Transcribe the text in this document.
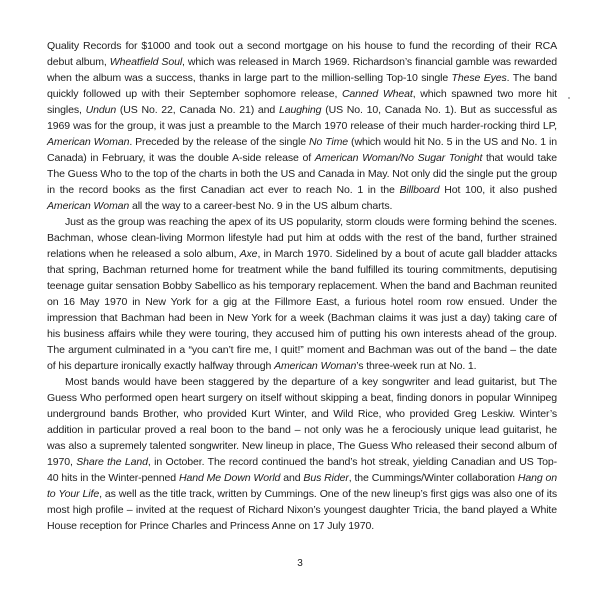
Quality Records for $1000 and took out a second mortgage on his house to fund the recording of their RCA debut album, Wheatfield Soul, which was released in March 1969. Richardson’s financial gamble was rewarded when the album was a success, thanks in large part to the million-selling Top-10 single These Eyes. The band quickly followed up with their September sophomore release, Canned Wheat, which spawned two more hit singles, Undun (US No. 22, Canada No. 21) and Laughing (US No. 10, Canada No. 1). But as successful as 1969 was for the group, it was just a preamble to the March 1970 release of their much harder-rocking third LP, American Woman. Preceded by the release of the single No Time (which would hit No. 5 in the US and No. 1 in Canada) in February, it was the double A-side release of American Woman/No Sugar Tonight that would take The Guess Who to the top of the charts in both the US and Canada in May. Not only did the single put the group in the record books as the first Canadian act ever to reach No. 1 in the Billboard Hot 100, it also pushed American Woman all the way to a career-best No. 9 in the US album charts.

Just as the group was reaching the apex of its US popularity, storm clouds were forming behind the scenes. Bachman, whose clean-living Mormon lifestyle had put him at odds with the rest of the band, further strained relations when he released a solo album, Axe, in March 1970. Sidelined by a bout of acute gall bladder attacks that spring, Bachman returned home for treatment while the band fulfilled its touring commitments, deputising teenage guitar sensation Bobby Sabellico as his temporary replacement. When the band and Bachman reunited on 16 May 1970 in New York for a gig at the Fillmore East, a furious hotel room row ensued. Under the impression that Bachman had been in New York for a week (Bachman claims it was just a day) taking care of his business affairs while they were touring, they accused him of putting his own interests ahead of the group. The argument culminated in a “you can’t fire me, I quit!” moment and Bachman was out of the band – the date of his departure ironically exactly halfway through American Woman’s three-week run at No. 1.

Most bands would have been staggered by the departure of a key songwriter and lead guitarist, but The Guess Who performed open heart surgery on itself without skipping a beat, finding donors in popular Winnipeg underground bands Brother, who provided Kurt Winter, and Wild Rice, who provided Greg Leskiw. Winter’s addition in particular proved a real boon to the band – not only was he a ferociously unique lead guitarist, he was also a supremely talented songwriter. New lineup in place, The Guess Who released their second album of 1970, Share the Land, in October. The record continued the band’s hot streak, yielding Canadian and US Top-40 hits in the Winter-penned Hand Me Down World and Bus Rider, the Cummings/Winter collaboration Hang on to Your Life, as well as the title track, written by Cummings. One of the new lineup’s first gigs was also one of its most high profile – invited at the request of Richard Nixon’s youngest daughter Tricia, the band played a White House reception for Prince Charles and Princess Anne on 17 July 1970.

3
